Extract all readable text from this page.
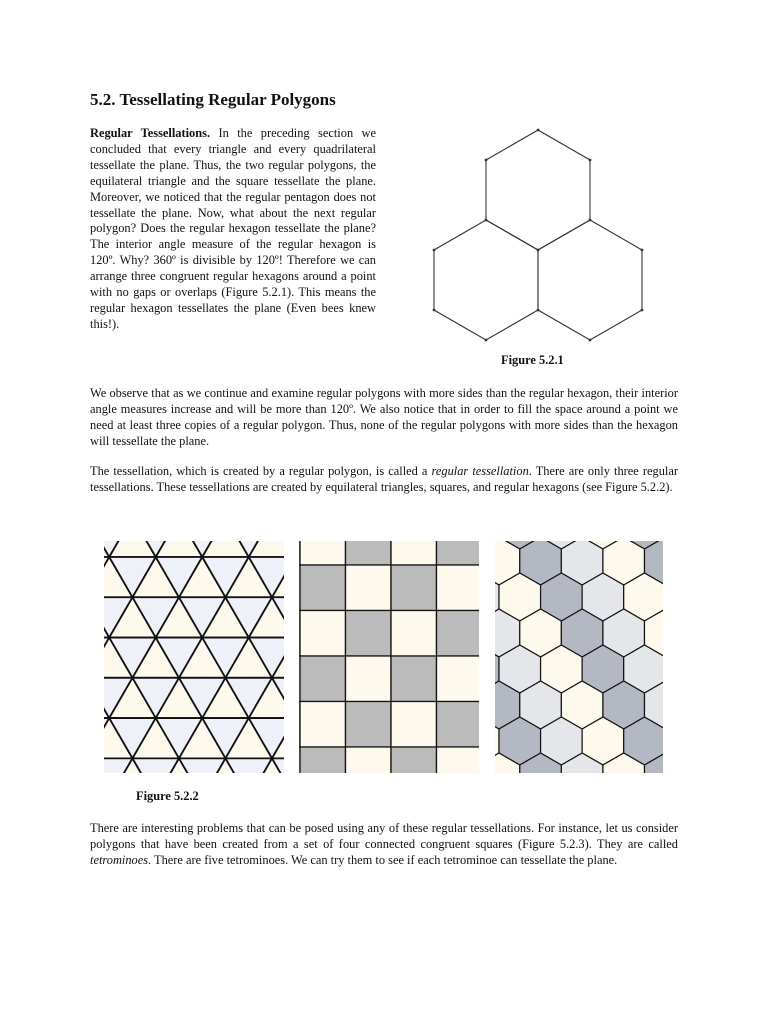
5.2. Tessellating Regular Polygons

Regular Tessellations. In the preceding section we concluded that every triangle and every quadrilateral tessellate the plane. Thus, the two regular polygons, the equilateral triangle and the square tessellate the plane. Moreover, we noticed that the regular pentagon does not tessellate the plane. Now, what about the next regular polygon? Does the regular hexagon tessellate the plane? The interior angle measure of the regular hexagon is 120º. Why? 360º is divisible by 120º! Therefore we can arrange three congruent regular hexagons around a point with no gaps or overlaps (Figure 5.2.1). This means the regular hexagon tessellates the plane (Even bees knew this!).

Figure 5.2.1

We observe that as we continue and examine regular polygons with more sides than the regular hexagon, their interior angle measures increase and will be more than 120º. We also notice that in order to fill the space around a point we need at least three copies of a regular polygon. Thus, none of the regular polygons with more sides than the hexagon will tessellate the plane.

The tessellation, which is created by a regular polygon, is called a regular tessellation. There are only three regular tessellations. These tessellations are created by equilateral triangles, squares, and regular hexagons (see Figure 5.2.2).

Figure 5.2.2

There are interesting problems that can be posed using any of these regular tessellations. For instance, let us consider polygons that have been created from a set of four connected congruent squares (Figure 5.2.3). They are called tetrominoes. There are five tetrominoes. We can try them to see if each tetrominoe can tessellate the plane.
